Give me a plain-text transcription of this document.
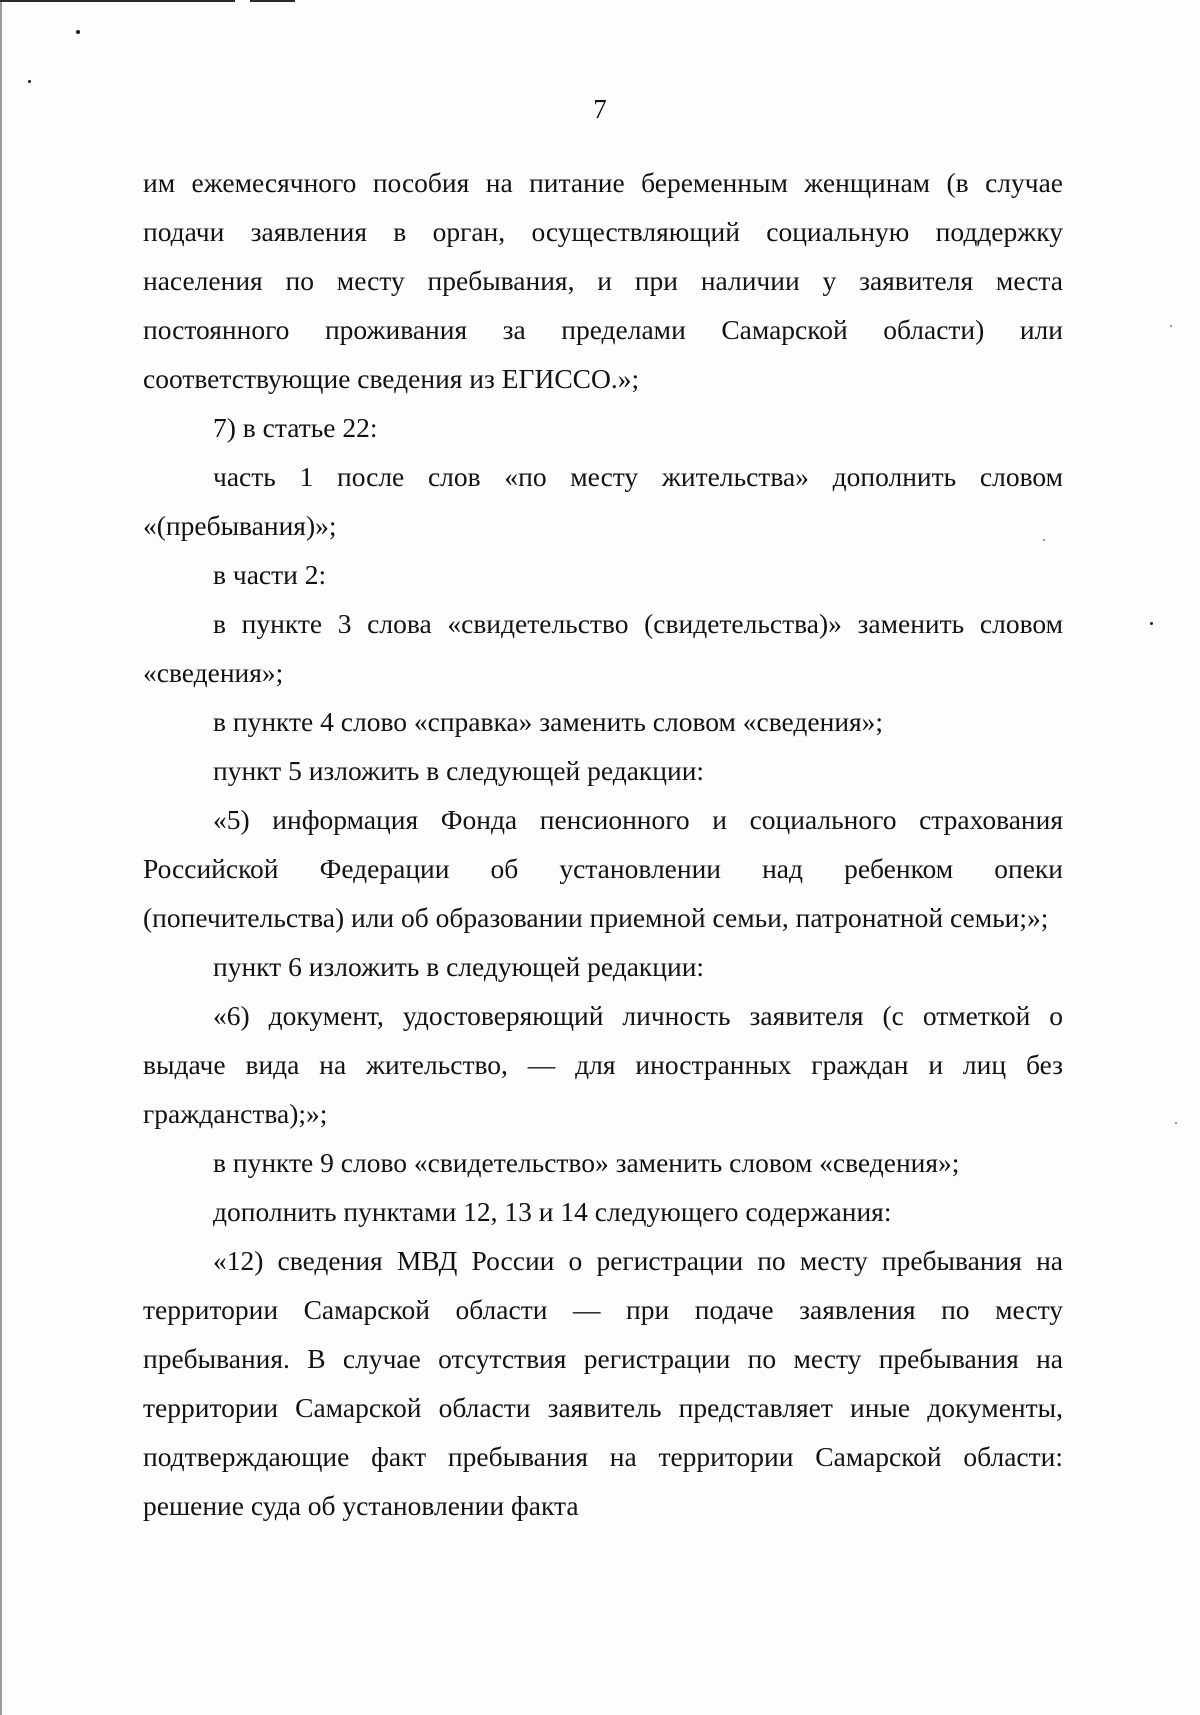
7

им ежемесячного пособия на питание беременным женщинам (в случае подачи заявления в орган, осуществляющий социальную поддержку населения по месту пребывания, и при наличии у заявителя места постоянного проживания за пределами Самарской области) или соответствующие сведения из ЕГИССО.»;

7) в статье 22:

часть 1 после слов «по месту жительства» дополнить словом «(пребывания)»;

в части 2:

в пункте 3 слова «свидетельство (свидетельства)» заменить словом «сведения»;

в пункте 4 слово «справка» заменить словом «сведения»;

пункт 5 изложить в следующей редакции:

«5) информация Фонда пенсионного и социального страхования Российской Федерации об установлении над ребенком опеки (попечительства) или об образовании приемной семьи, патронатной семьи;»;

пункт 6 изложить в следующей редакции:

«6) документ, удостоверяющий личность заявителя (с отметкой о выдаче вида на жительство, — для иностранных граждан и лиц без гражданства);»;

в пункте 9 слово «свидетельство» заменить словом «сведения»;

дополнить пунктами 12, 13 и 14 следующего содержания:

«12) сведения МВД России о регистрации по месту пребывания на территории Самарской области — при подаче заявления по месту пребывания. В случае отсутствия регистрации по месту пребывания на территории Самарской области заявитель представляет иные документы, подтверждающие факт пребывания на территории Самарской области: решение суда об установлении факта
